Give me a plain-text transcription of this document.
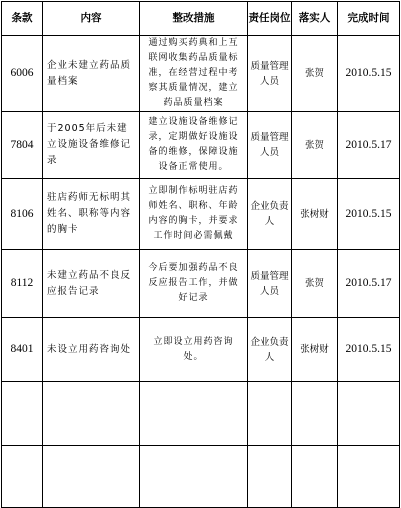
条款	内容	整改措施	责任岗位	落实人	完成时间
6006	企业未建立药品质量档案	通过购买药典和上互联网收集药品质量标准，在经营过程中考察其质量情况，建立药品质量档案	质量管理人员	张贺	2010.5.15
7804	于2005年后未建立设施设备维修记录	建立设施设备维修记录，定期做好设施设备的维修，保障设施设备正常使用。	质量管理人员	张贺	2010.5.17
8106	驻店药师无标明其姓名、职称等内容的胸卡	立即制作标明驻店药师姓名、职称、年龄内容的胸卡，并要求工作时间必需佩戴	企业负责人	张树财	2010.5.15
8112	未建立药品不良反应报告记录	今后要加强药品不良反应报告工作，并做好记录	质量管理人员	张贺	2010.5.17
8401	未设立用药咨询处	立即设立用药咨询处。	企业负责人	张树财	2010.5.15
